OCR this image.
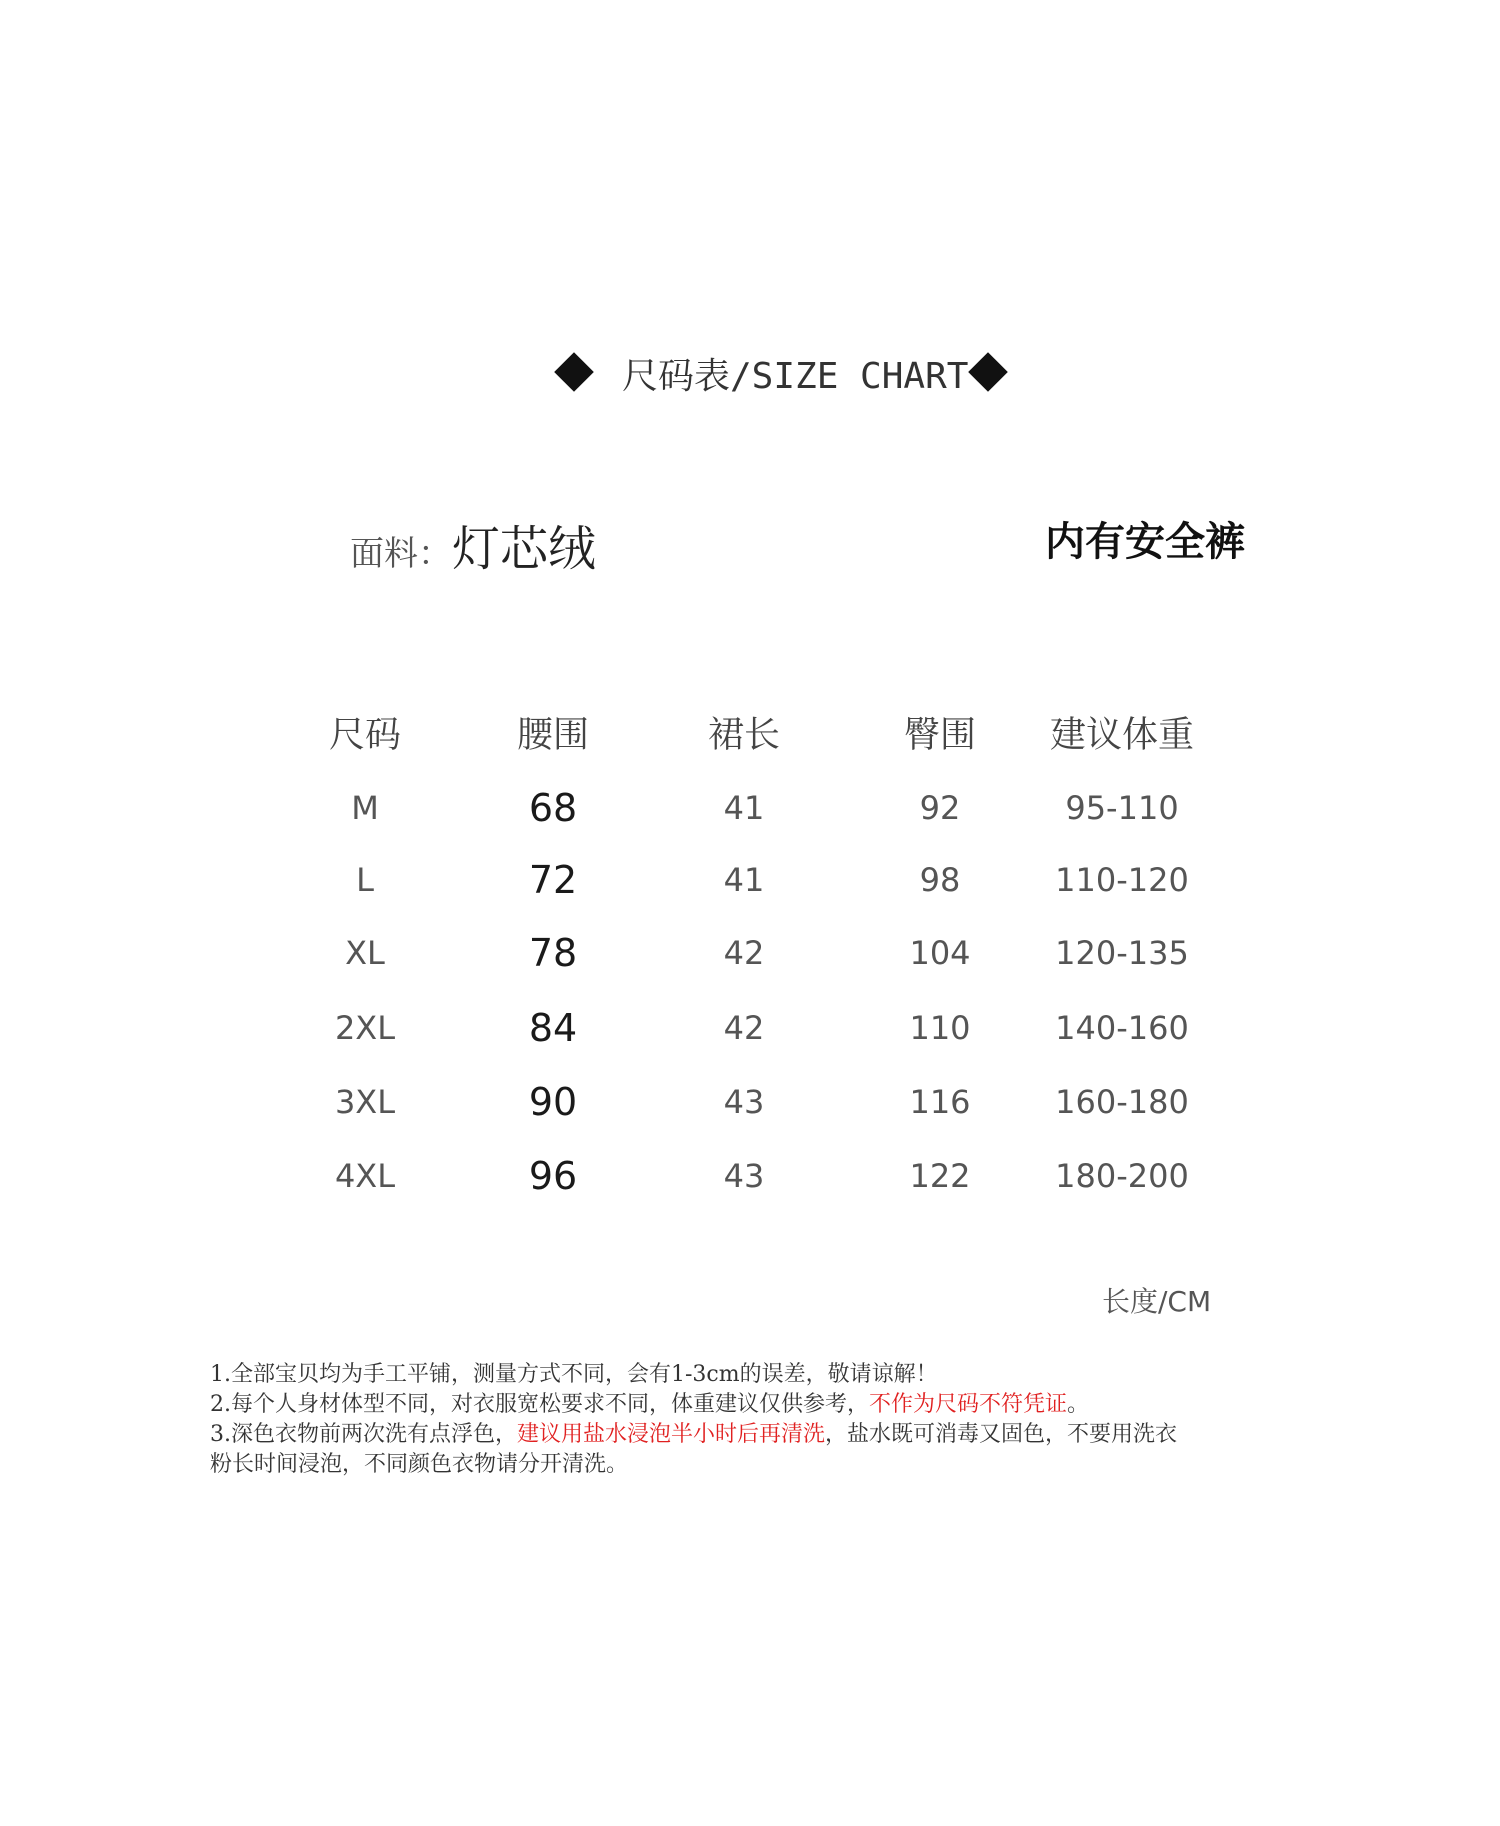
尺码表/SIZE CHART
面料：灯芯绒	内有安全裤
尺码	腰围	裙长	臀围 建议体重
M	68	41	92	95-110
L	72	41	98	110-120
XL	78	42	104	120-135
2XL	84	42	110	140-160
3XL	90	43	116	160-180
4XL	96	43	122	180-200
长度/CM
1.全部宝贝均为手工平铺，测量方式不同，会有1-3cm的误差，敬请谅解！
2.每个人身材体型不同，对衣服宽松要求不同，体重建议仅供参考，不作为尺码不符凭证。
3.深色衣物前两次洗有点浮色，建议用盐水浸泡半小时后再清洗，盐水既可消毒又固色，不要用洗衣
粉长时间浸泡，不同颜色衣物请分开清洗。
